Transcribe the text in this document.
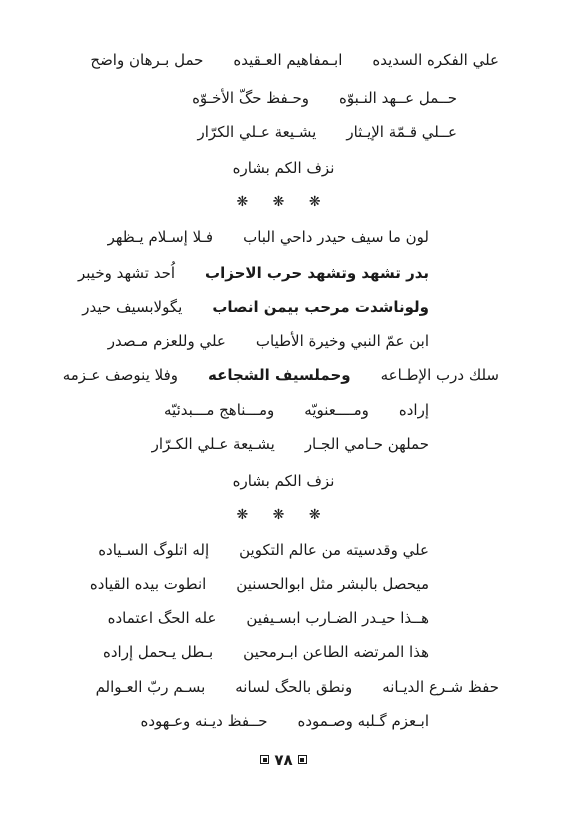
علي الفكره السديدهابـمفاهيم العـقيدهحمل بـرهان واضح
حــمل عــهد النـبوّهوحـفظ حگّ الأخـوّه
عــلي قـمّة الإيـثاريشـيعة عـلي الكرّار
نزف الكم بشاره
❋ ❋ ❋
لون ما سيف حيدر داحي البابفـلا إسـلام يـظهر
بدر تشهد وتشهد حرب الاحزاباُحد تشهد وخيبر
ولوناشدت مرحب بيمن انصابيگولابسيف حيدر
ابن عمّ النبي وخيرة الأطيابعلي وللعزم مـصدر
سلك درب الإطـاعهوحملسيف الشجاعهوفلا ينوصف عـزمه
إرادهومــــعنويّهومـــناهج مـــبدئيّه
حملهن حـامي الجـاريشـيعة عـلي الكـرّار
نزف الكم بشاره
❋ ❋ ❋
علي وقدسيته من عالم التكوينإله اتلوگ السـياده
ميحصل بالبشر مثل ابوالحسنينانطوت بيده القياده
هــذا حيـدر الضـارب ابسـيفينعله الحگ اعتماده
هذا المرتضه الطاعن ابـرمحينبـطل يـحمل إراده
حفظ شـرع الديـانهونطق بالحگ لسانهبسـم ربّ العـوالم
ابـعزم گـلبه وصـمودهحــفظ ديـنه وعـهوده
٧٨
